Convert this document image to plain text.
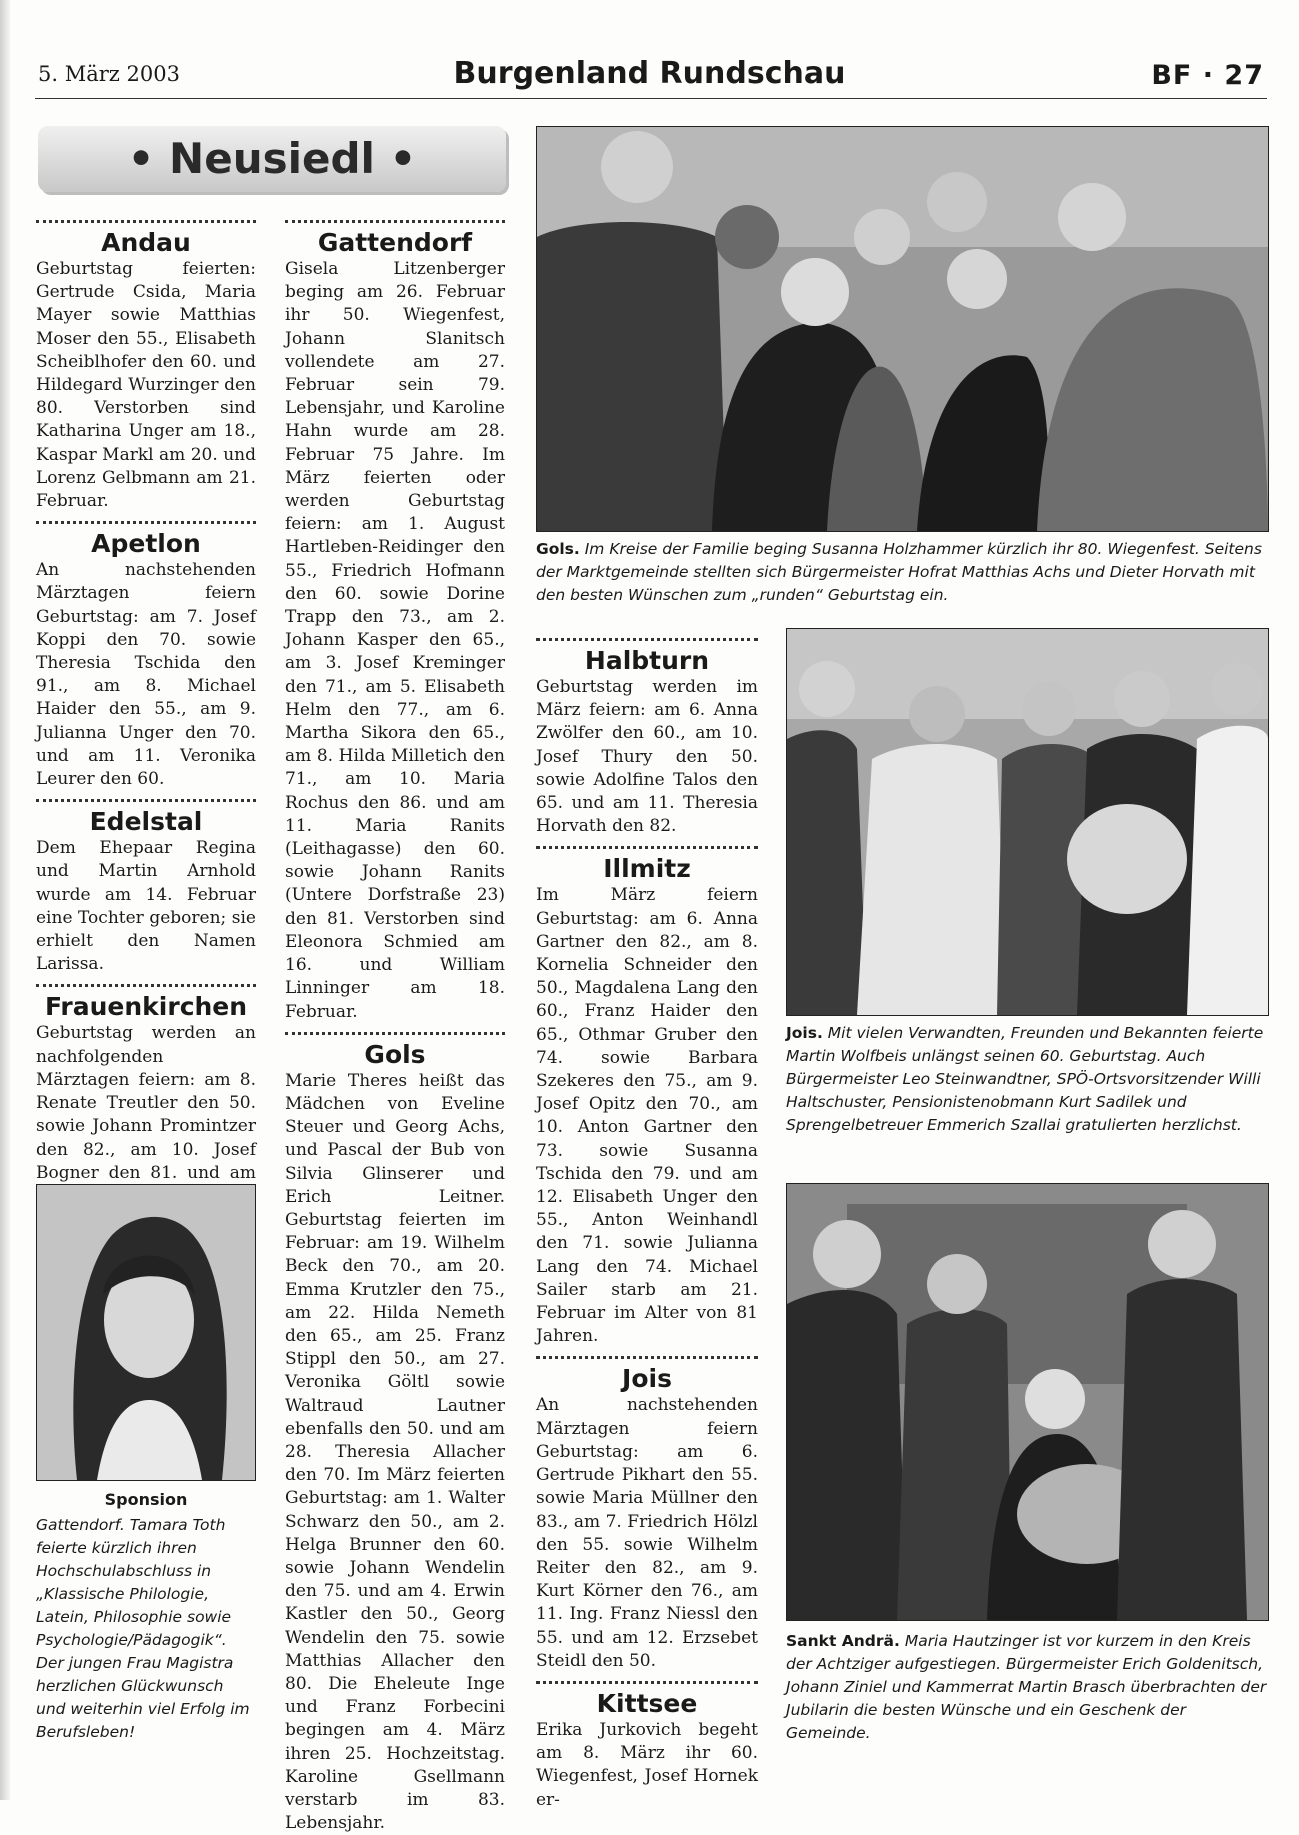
5. März 2003	Burgenland Rundschau	BF · 27
• Neusiedl •
Andau

Geburtstag feierten: Gertrude Csida, Maria Mayer sowie Matthias Moser den 55., Elisabeth Scheiblhofer den 60. und Hildegard Wurzinger den 80. Verstorben sind Katharina Unger am 18., Kaspar Markl am 20. und Lorenz Gelbmann am 21. Februar.

Apetlon

An nachstehenden Märztagen feiern Geburtstag: am 7. Josef Koppi den 70. sowie Theresia Tschida den 91., am 8. Michael Haider den 55., am 9. Julianna Unger den 70. und am 11. Veronika Leurer den 60.

Edelstal

Dem Ehepaar Regina und Martin Arnhold wurde am 14. Februar eine Tochter geboren; sie erhielt den Namen Larissa.

Frauenkirchen

Geburtstag werden an nachfolgenden Märztagen feiern: am 8. Renate Treutler den 50. sowie Johann Promintzer den 82., am 10. Josef Bogner den 81. und am

Sponsion
Gattendorf. Tamara Toth feierte kürzlich ihren Hochschulabschluss in „Klassische Philologie, Latein, Philosophie sowie Psychologie/Pädagogik“. Der jungen Frau Magistra herzlichen Glückwunsch und weiterhin viel Erfolg im Berufsleben!
Gattendorf

Gisela Litzenberger beging am 26. Februar ihr 50. Wiegenfest, Johann Slanitsch vollendete am 27. Februar sein 79. Lebensjahr, und Karoline Hahn wurde am 28. Februar 75 Jahre. Im März feierten oder werden Geburtstag feiern: am 1. August Hartleben-Reidinger den 55., Friedrich Hofmann den 60. sowie Dorine Trapp den 73., am 2. Johann Kasper den 65., am 3. Josef Kreminger den 71., am 5. Elisabeth Helm den 77., am 6. Martha Sikora den 65., am 8. Hilda Milletich den 71., am 10. Maria Rochus den 86. und am 11. Maria Ranits (Leithagasse) den 60. sowie Johann Ranits (Untere Dorfstraße 23) den 81. Verstorben sind Eleonora Schmied am 16. und William Linninger am 18. Februar.

Gols

Marie Theres heißt das Mädchen von Eveline Steuer und Georg Achs, und Pascal der Bub von Silvia Glinserer und Erich Leitner. Geburtstag feierten im Februar: am 19. Wilhelm Beck den 70., am 20. Emma Krutzler den 75., am 22. Hilda Nemeth den 65., am 25. Franz Stippl den 50., am 27. Veronika Göltl sowie Waltraud Lautner ebenfalls den 50. und am 28. Theresia Allacher den 70. Im März feierten Geburtstag: am 1. Walter Schwarz den 50., am 2. Helga Brunner den 60. sowie Johann Wendelin den 75. und am 4. Erwin Kastler den 50., Georg Wendelin den 75. sowie Matthias Allacher den 80. Die Eheleute Inge und Franz Forbecini begingen am 4. März ihren 25. Hochzeitstag. Karoline Gsellmann verstarb im 83. Lebensjahr.

Gols. Im Kreise der Familie beging Susanna Holzhammer kürzlich ihr 80. Wiegenfest. Seitens der Marktgemeinde stellten sich Bürgermeister Hofrat Matthias Achs und Dieter Horvath mit den besten Wünschen zum „runden“ Geburtstag ein.
Halbturn

Geburtstag werden im März feiern: am 6. Anna Zwölfer den 60., am 10. Josef Thury den 50. sowie Adolfine Talos den 65. und am 11. Theresia Horvath den 82.

Illmitz

Im März feiern Geburtstag: am 6. Anna Gartner den 82., am 8. Kornelia Schneider den 50., Magdalena Lang den 60., Franz Haider den 65., Othmar Gruber den 74. sowie Barbara Szekeres den 75., am 9. Josef Opitz den 70., am 10. Anton Gartner den 73. sowie Susanna Tschida den 79. und am 12. Elisabeth Unger den 55., Anton Weinhandl den 71. sowie Julianna Lang den 74. Michael Sailer starb am 21. Februar im Alter von 81 Jahren.

Jois

An nachstehenden Märztagen feiern Geburtstag: am 6. Gertrude Pikhart den 55. sowie Maria Müllner den 83., am 7. Friedrich Hölzl den 55. sowie Wilhelm Reiter den 82., am 9. Kurt Körner den 76., am 11. Ing. Franz Niessl den 55. und am 12. Erzsebet Steidl den 50.

Kittsee

Erika Jurkovich begeht am 8. März ihr 60. Wiegenfest, Josef Hornek er-

Jois. Mit vielen Verwandten, Freunden und Bekannten feierte Martin Wolfbeis unlängst seinen 60. Geburtstag. Auch Bürgermeister Leo Steinwandtner, SPÖ-Ortsvorsitzender Willi Haltschuster, Pensionistenobmann Kurt Sadilek und Sprengelbetreuer Emmerich Szallai gratulierten herzlichst.
Sankt Andrä. Maria Hautzinger ist vor kurzem in den Kreis der Achtziger aufgestiegen. Bürgermeister Erich Goldenitsch, Johann Ziniel und Kammerrat Martin Brasch überbrachten der Jubilarin die besten Wünsche und ein Geschenk der Gemeinde.
